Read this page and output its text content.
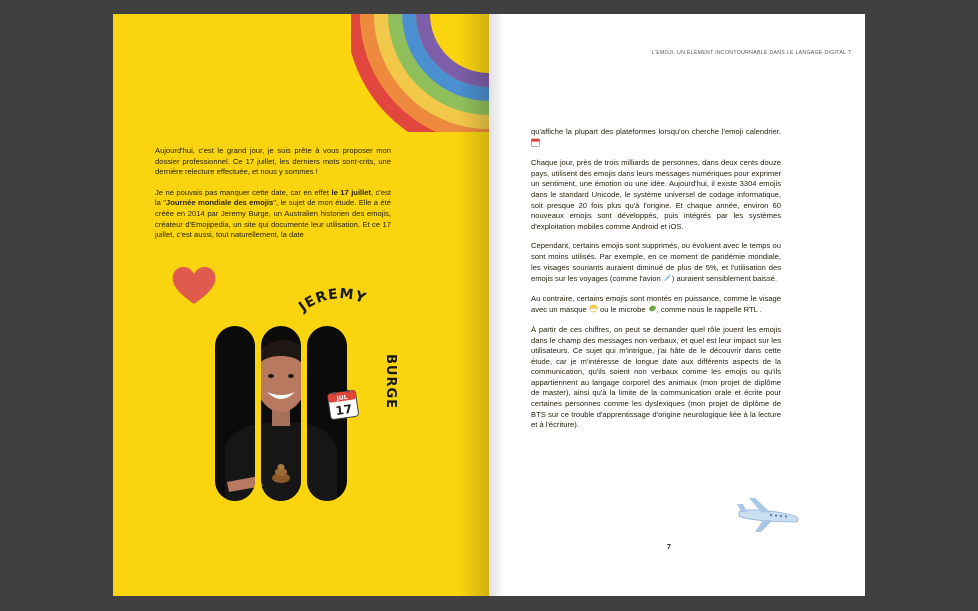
Aujourd'hui, c'est le grand jour, je suis prête à vous proposer mon dossier professionnel. Ce 17 juillet, les derniers mots sont-crits, une dernière relecture effectuée, et nous y sommes !

Je ne pouvais pas manquer cette date, car en effet le 17 juillet, c'est la "Journée mondiale des emojis", le sujet de mon étude. Elle a été créée en 2014 par Jeremy Burge, un Australien historien des emojis, créateur d'Emojipedia, un site qui documente leur utilisation. Et ce 17 juillet, c'est aussi, tout naturellement, la date

JEREMY
BURGE
JUL
17
L'EMOJI, UN ÉLÉMENT INCONTOURNABLE DANS LE LANGAGE DIGITAL ?

qu'affiche la plupart des plateformes lorsqu'on cherche l'emoji calendrier.

Chaque jour, près de trois milliards de personnes, dans deux cents douze pays, utilisent des emojis dans leurs messages numériques pour exprimer un sentiment, une émotion ou une idée. Aujourd'hui, il existe 3304 emojis dans le standard Unicode, le système universel de codage informatique, soit presque 20 fois plus qu'à l'origine. Et chaque année, environ 60 nouveaux emojis sont développés, puis intégrés par les systèmes d'exploitation mobiles comme Android et iOS.

Cependant, certains emojis sont supprimés, ou évoluent avec le temps ou sont moins utilisés. Par exemple, en ce moment de pandémie mondiale, les visages souriants auraient diminué de plus de 5%, et l'utilisation des emojis sur les voyages (comme l'avion ) auraient sensiblement baissé.

Au contraire, certains emojis sont montés en puissance, comme le visage avec un masque ou le microbe , comme nous le rappelle RTL .

À partir de ces chiffres, on peut se demander quel rôle jouent les emojis dans le champ des messages non verbaux, et quel est leur impact sur les utilisateurs. Ce sujet qui m'intrigue, j'ai hâte de le découvrir dans cette étude, car je m'intéresse de longue date aux différents aspects de la communication, qu'ils soient non verbaux comme les emojis ou qu'ils appartiennent au langage corporel des animaux (mon projet de diplôme de master), ainsi qu'à la limite de la communication orale et écrite pour certaines personnes comme les dyslexiques (mon projet de diplôme de BTS sur ce trouble d'apprentissage d'origine neurologique liée à la lecture et à l'écriture).

7
